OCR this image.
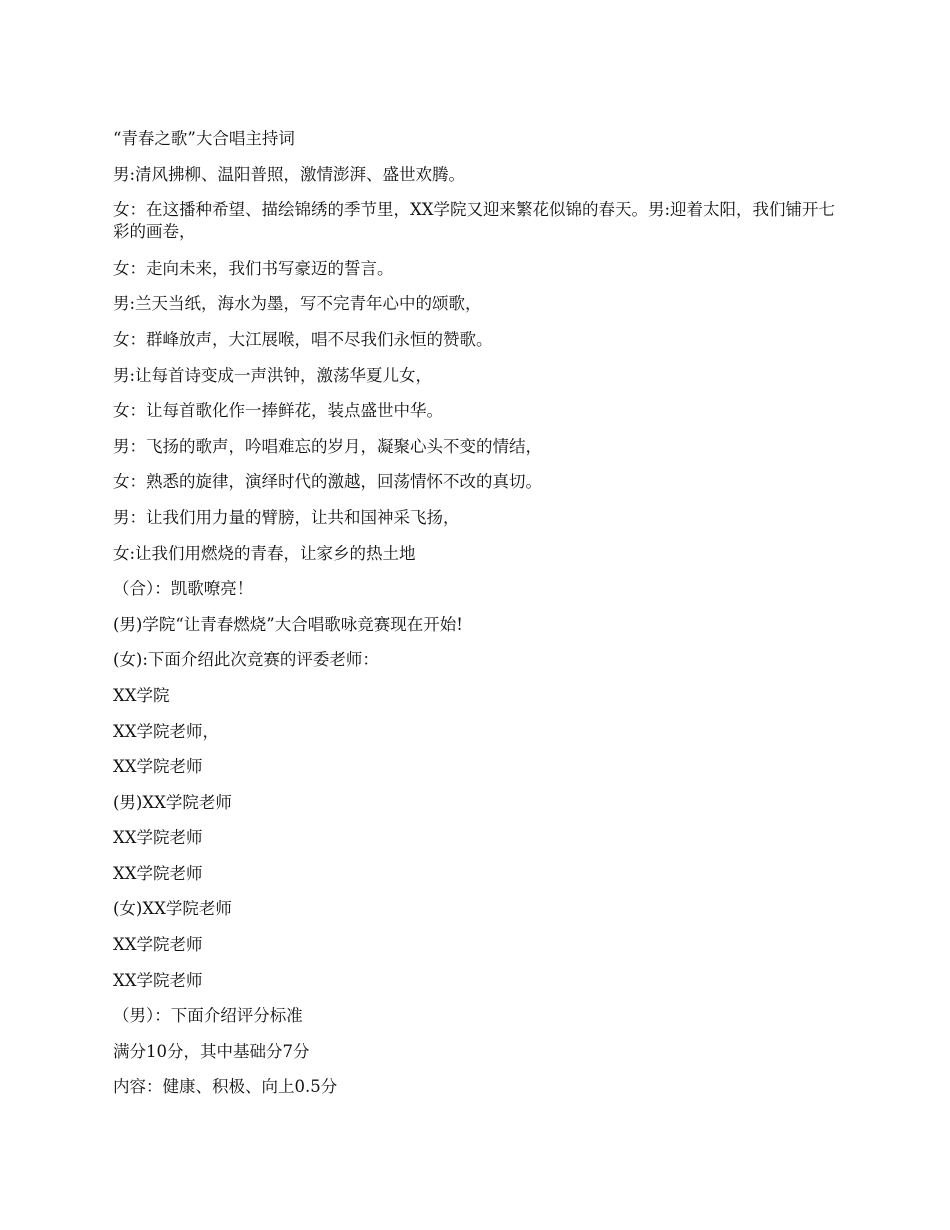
“青春之歌”大合唱主持词

男:清风拂柳、温阳普照，激情澎湃、盛世欢腾。

女：在这播种希望、描绘锦绣的季节里，XX学院又迎来繁花似锦的春天。男:迎着太阳，我们铺开七彩的画卷，

女：走向未来，我们书写豪迈的誓言。

男:兰天当纸，海水为墨，写不完青年心中的颂歌，

女：群峰放声，大江展喉，唱不尽我们永恒的赞歌。

男:让每首诗变成一声洪钟，激荡华夏儿女，

女：让每首歌化作一捧鲜花，装点盛世中华。

男：飞扬的歌声，吟唱难忘的岁月，凝聚心头不变的情结，

女：熟悉的旋律，演绎时代的激越，回荡情怀不改的真切。

男：让我们用力量的臂膀，让共和国神采飞扬，

女:让我们用燃烧的青春，让家乡的热土地

（合）：凯歌嘹亮！

(男)学院“让青春燃烧”大合唱歌咏竞赛现在开始!

(女):下面介绍此次竞赛的评委老师：

XX学院

XX学院老师，

XX学院老师

(男)XX学院老师

XX学院老师

XX学院老师

(女)XX学院老师

XX学院老师

XX学院老师

（男）：下面介绍评分标准

满分10分，其中基础分7分

内容：健康、积极、向上0.5分
